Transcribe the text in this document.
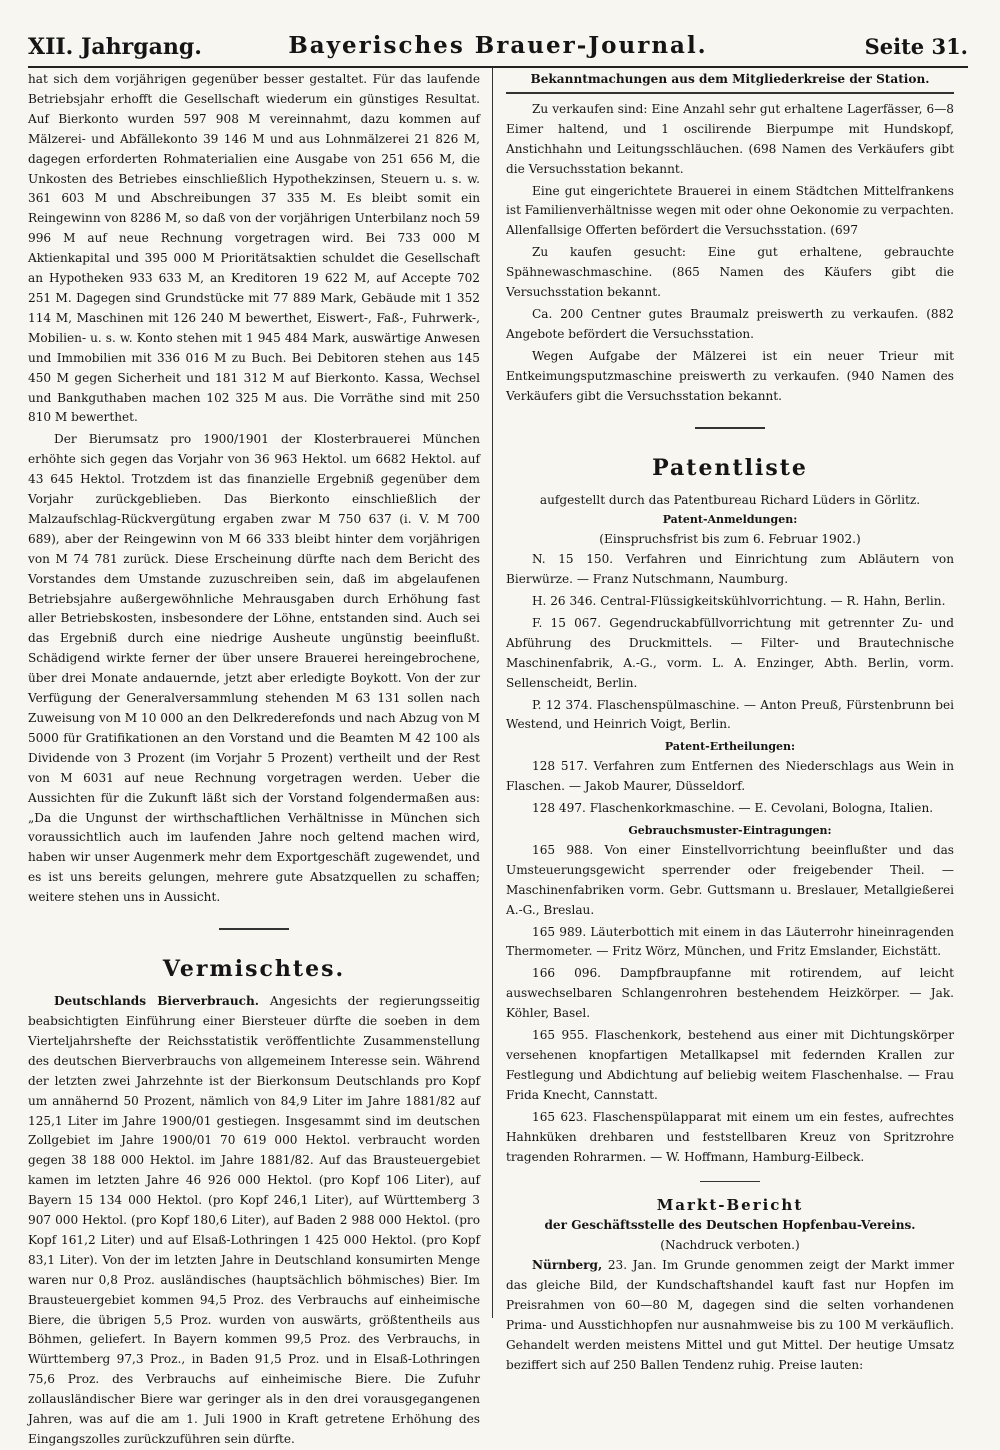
XII. Jahrgang.	Bayerisches Brauer-Journal.	Seite 31.

hat sich dem vorjährigen gegenüber besser gestaltet. Für das laufende Betriebsjahr erhofft die Gesellschaft wiederum ein günstiges Resultat. Auf Bierkonto wurden 597 908 M vereinnahmt, dazu kommen auf Mälzerei- und Abfällekonto 39 146 M und aus Lohnmälzerei 21 826 M, dagegen erforderten Rohmaterialien eine Ausgabe von 251 656 M, die Unkosten des Betriebes einschließlich Hypothekzinsen, Steuern u. s. w. 361 603 M und Abschreibungen 37 335 M. Es bleibt somit ein Reingewinn von 8286 M, so daß von der vorjährigen Unterbilanz noch 59 996 M auf neue Rechnung vorgetragen wird. Bei 733 000 M Aktienkapital und 395 000 M Prioritätsaktien schuldet die Gesellschaft an Hypotheken 933 633 M, an Kreditoren 19 622 M, auf Accepte 702 251 M. Dagegen sind Grundstücke mit 77 889 Mark, Gebäude mit 1 352 114 M, Maschinen mit 126 240 M bewerthet, Eiswert-, Faß-, Fuhrwerk-, Mobilien- u. s. w. Konto stehen mit 1 945 484 Mark, auswärtige Anwesen und Immobilien mit 336 016 M zu Buch. Bei Debitoren stehen aus 145 450 M gegen Sicherheit und 181 312 M auf Bierkonto. Kassa, Wechsel und Bankguthaben machen 102 325 M aus. Die Vorräthe sind mit 250 810 M bewerthet.

Der Bierumsatz pro 1900/1901 der Klosterbrauerei München erhöhte sich gegen das Vorjahr von 36 963 Hektol. um 6682 Hektol. auf 43 645 Hektol. Trotzdem ist das finanzielle Ergebniß gegenüber dem Vorjahr zurückgeblieben. Das Bierkonto einschließlich der Malzaufschlag-Rückvergütung ergaben zwar M 750 637 (i. V. M 700 689), aber der Reingewinn von M 66 333 bleibt hinter dem vorjährigen von M 74 781 zurück. Diese Erscheinung dürfte nach dem Bericht des Vorstandes dem Umstande zuzuschreiben sein, daß im abgelaufenen Betriebsjahre außergewöhnliche Mehrausgaben durch Erhöhung fast aller Betriebskosten, insbesondere der Löhne, entstanden sind. Auch sei das Ergebniß durch eine niedrige Ausheute ungünstig beeinflußt. Schädigend wirkte ferner der über unsere Brauerei hereingebrochene, über drei Monate andauernde, jetzt aber erledigte Boykott. Von der zur Verfügung der Generalversammlung stehenden M 63 131 sollen nach Zuweisung von M 10 000 an den Delkrederefonds und nach Abzug von M 5000 für Gratifikationen an den Vorstand und die Beamten M 42 100 als Dividende von 3 Prozent (im Vorjahr 5 Prozent) vertheilt und der Rest von M 6031 auf neue Rechnung vorgetragen werden. Ueber die Aussichten für die Zukunft läßt sich der Vorstand folgendermaßen aus: „Da die Ungunst der wirthschaftlichen Verhältnisse in München sich voraussichtlich auch im laufenden Jahre noch geltend machen wird, haben wir unser Augenmerk mehr dem Exportgeschäft zugewendet, und es ist uns bereits gelungen, mehrere gute Absatzquellen zu schaffen; weitere stehen uns in Aussicht.

Vermischtes.

Deutschlands Bierverbrauch. Angesichts der regierungsseitig beabsichtigten Einführung einer Biersteuer dürfte die soeben in dem Vierteljahrshefte der Reichsstatistik veröffentlichte Zusammenstellung des deutschen Bierverbrauchs von allgemeinem Interesse sein. Während der letzten zwei Jahrzehnte ist der Bierkonsum Deutschlands pro Kopf um annähernd 50 Prozent, nämlich von 84,9 Liter im Jahre 1881/82 auf 125,1 Liter im Jahre 1900/01 gestiegen. Insgesammt sind im deutschen Zollgebiet im Jahre 1900/01 70 619 000 Hektol. verbraucht worden gegen 38 188 000 Hektol. im Jahre 1881/82. Auf das Brausteuergebiet kamen im letzten Jahre 46 926 000 Hektol. (pro Kopf 106 Liter), auf Bayern 15 134 000 Hektol. (pro Kopf 246,1 Liter), auf Württemberg 3 907 000 Hektol. (pro Kopf 180,6 Liter), auf Baden 2 988 000 Hektol. (pro Kopf 161,2 Liter) und auf Elsaß-Lothringen 1 425 000 Hektol. (pro Kopf 83,1 Liter). Von der im letzten Jahre in Deutschland konsumirten Menge waren nur 0,8 Proz. ausländisches (hauptsächlich böhmisches) Bier. Im Brausteuergebiet kommen 94,5 Proz. des Verbrauchs auf einheimische Biere, die übrigen 5,5 Proz. wurden von auswärts, größtentheils aus Böhmen, geliefert. In Bayern kommen 99,5 Proz. des Verbrauchs, in Württemberg 97,3 Proz., in Baden 91,5 Proz. und in Elsaß-Lothringen 75,6 Proz. des Verbrauchs auf einheimische Biere. Die Zufuhr zollausländischer Biere war geringer als in den drei vorausgegangenen Jahren, was auf die am 1. Juli 1900 in Kraft getretene Erhöhung des Eingangszolles zurückzuführen sein dürfte.

Bekanntmachungen aus dem Mitgliederkreise der Station.

Zu verkaufen sind: Eine Anzahl sehr gut erhaltene Lagerfässer, 6—8 Eimer haltend, und 1 oscilirende Bierpumpe mit Hundskopf, Anstichhahn und Leitungsschläuchen. (698 Namen des Verkäufers gibt die Versuchsstation bekannt.

Eine gut eingerichtete Brauerei in einem Städtchen Mittelfrankens ist Familienverhältnisse wegen mit oder ohne Oekonomie zu verpachten. Allenfallsige Offerten befördert die Versuchsstation. (697

Zu kaufen gesucht: Eine gut erhaltene, gebrauchte Spähnewaschmaschine. (865 Namen des Käufers gibt die Versuchsstation bekannt.

Ca. 200 Centner gutes Braumalz preiswerth zu verkaufen. (882 Angebote befördert die Versuchsstation.

Wegen Aufgabe der Mälzerei ist ein neuer Trieur mit Entkeimungsputzmaschine preiswerth zu verkaufen. (940 Namen des Verkäufers gibt die Versuchsstation bekannt.

Patentliste
aufgestellt durch das Patentbureau Richard Lüders in Görlitz.
Patent-Anmeldungen:
(Einspruchsfrist bis zum 6. Februar 1902.)

N. 15 150. Verfahren und Einrichtung zum Abläutern von Bierwürze. — Franz Nutschmann, Naumburg.

H. 26 346. Central-Flüssigkeitskühlvorrichtung. — R. Hahn, Berlin.

F. 15 067. Gegendruckabfüllvorrichtung mit getrennter Zu- und Abführung des Druckmittels. — Filter- und Brautechnische Maschinenfabrik, A.-G., vorm. L. A. Enzinger, Abth. Berlin, vorm. Sellenscheidt, Berlin.

P. 12 374. Flaschenspülmaschine. — Anton Preuß, Fürstenbrunn bei Westend, und Heinrich Voigt, Berlin.

Patent-Ertheilungen:

128 517. Verfahren zum Entfernen des Niederschlags aus Wein in Flaschen. — Jakob Maurer, Düsseldorf.

128 497. Flaschenkorkmaschine. — E. Cevolani, Bologna, Italien.

Gebrauchsmuster-Eintragungen:

165 988. Von einer Einstellvorrichtung beeinflußter und das Umsteuerungsgewicht sperrender oder freigebender Theil. — Maschinenfabriken vorm. Gebr. Guttsmann u. Breslauer, Metallgießerei A.-G., Breslau.

165 989. Läuterbottich mit einem in das Läuterrohr hineinragenden Thermometer. — Fritz Wörz, München, und Fritz Emslander, Eichstätt.

166 096. Dampfbraupfanne mit rotirendem, auf leicht auswechselbaren Schlangenrohren bestehendem Heizkörper. — Jak. Köhler, Basel.

165 955. Flaschenkork, bestehend aus einer mit Dichtungskörper versehenen knopfartigen Metallkapsel mit federnden Krallen zur Festlegung und Abdichtung auf beliebig weitem Flaschenhalse. — Frau Frida Knecht, Cannstatt.

165 623. Flaschenspülapparat mit einem um ein festes, aufrechtes Hahnküken drehbaren und feststellbaren Kreuz von Spritzrohre tragenden Rohrarmen. — W. Hoffmann, Hamburg-Eilbeck.

Markt-Bericht
der Geschäftsstelle des Deutschen Hopfenbau-Vereins.
(Nachdruck verboten.)

Nürnberg, 23. Jan. Im Grunde genommen zeigt der Markt immer das gleiche Bild, der Kundschaftshandel kauft fast nur Hopfen im Preisrahmen von 60—80 M, dagegen sind die selten vorhandenen Prima- und Ausstichhopfen nur ausnahmweise bis zu 100 M verkäuflich. Gehandelt werden meistens Mittel und gut Mittel. Der heutige Umsatz beziffert sich auf 250 Ballen Tendenz ruhig. Preise lauten:
